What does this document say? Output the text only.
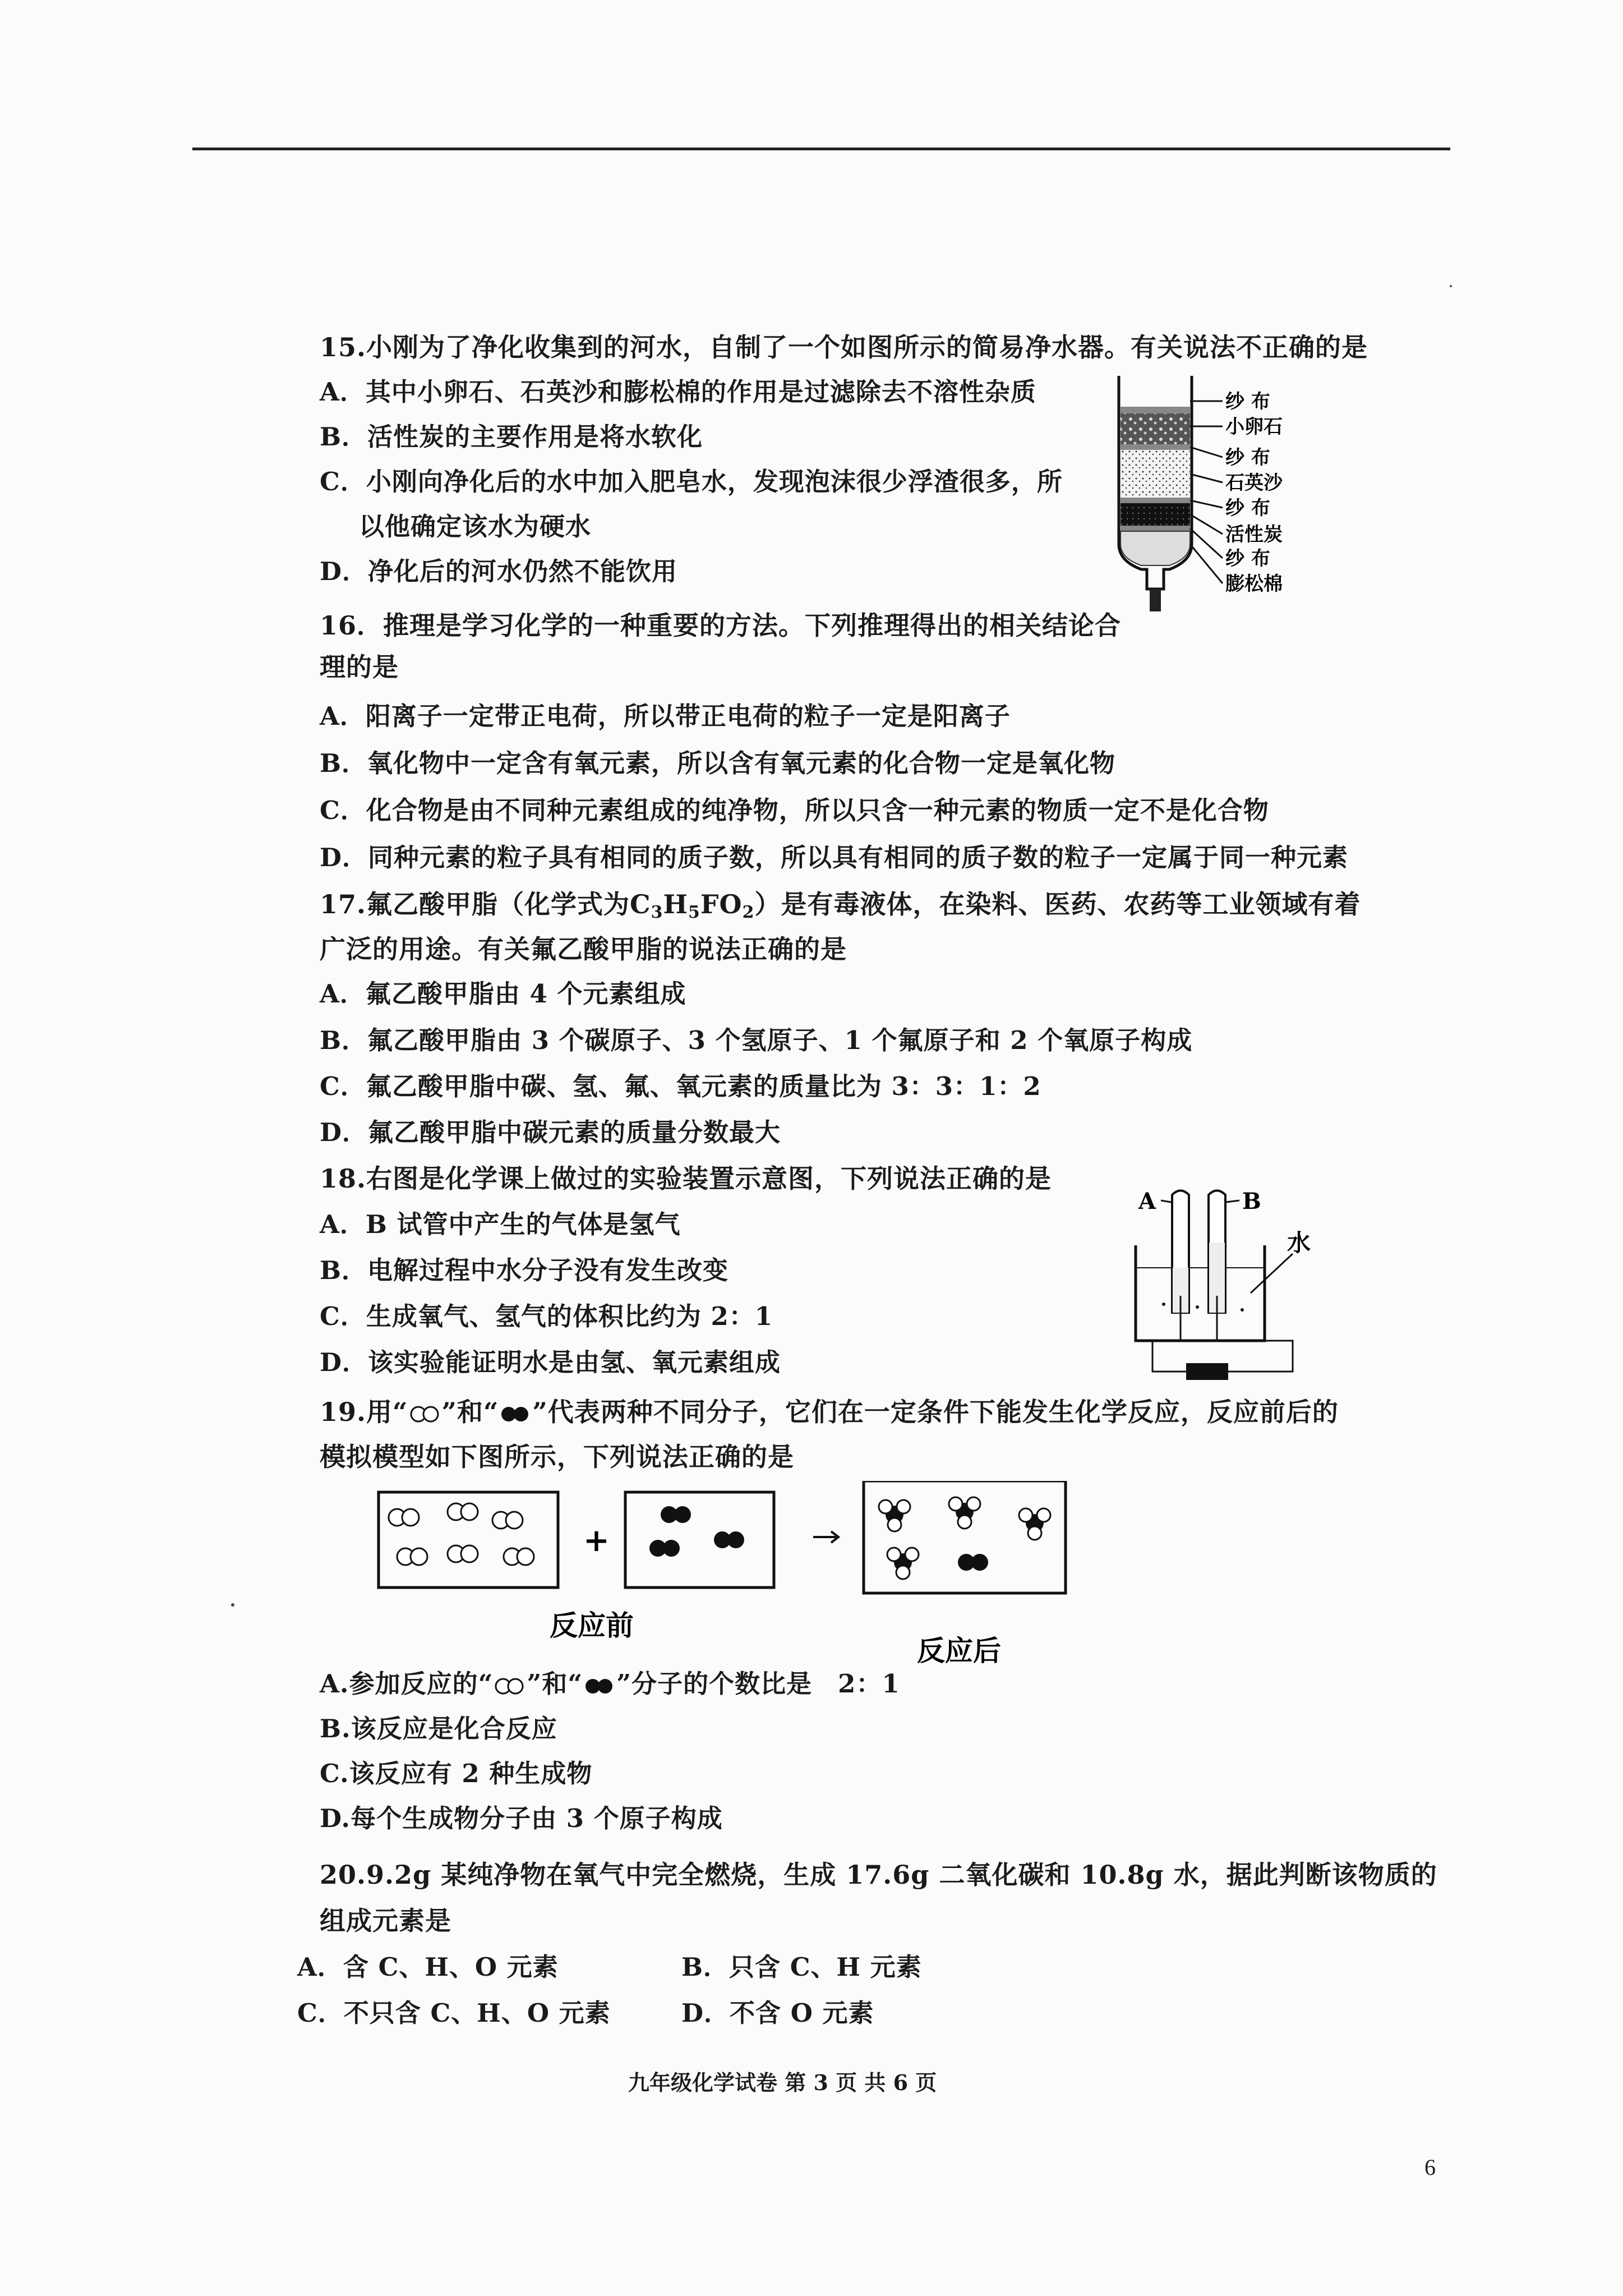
15.小刚为了净化收集到的河水，自制了一个如图所示的简易净水器。有关说法不正确的是
A．其中小卵石、石英沙和膨松棉的作用是过滤除去不溶性杂质
B．活性炭的主要作用是将水软化
C．小刚向净化后的水中加入肥皂水，发现泡沫很少浮渣很多，所
以他确定该水为硬水
D．净化后的河水仍然不能饮用
纱 布
小卵石
纱 布
石英沙
纱 布
活性炭
纱 布
膨松棉
16．推理是学习化学的一种重要的方法。下列推理得出的相关结论合
理的是
A．阳离子一定带正电荷，所以带正电荷的粒子一定是阳离子
B．氧化物中一定含有氧元素，所以含有氧元素的化合物一定是氧化物
C．化合物是由不同种元素组成的纯净物，所以只含一种元素的物质一定不是化合物
D．同种元素的粒子具有相同的质子数，所以具有相同的质子数的粒子一定属于同一种元素
17.氟乙酸甲脂（化学式为$C_3H_5FO_2$）是有毒液体，在染料、医药、农药等工业领域有着
广泛的用途。有关氟乙酸甲脂的说法正确的是
A．氟乙酸甲脂由 4 个元素组成
B．氟乙酸甲脂由 3 个碳原子、3 个氢原子、1 个氟原子和 2 个氧原子构成
C．氟乙酸甲脂中碳、氢、氟、氧元素的质量比为 3：3：1：2
D．氟乙酸甲脂中碳元素的质量分数最大
18.右图是化学课上做过的实验装置示意图，下列说法正确的是
A．B 试管中产生的气体是氢气
B．电解过程中水分子没有发生改变
C．生成氧气、氢气的体积比约为 2：1
D．该实验能证明水是由氢、氧元素组成
A	B
水
19.用“ ”和“ ”代表两种不同分子，它们在一定条件下能发生化学反应，反应前后的
模拟模型如下图所示，下列说法正确的是
+
反应前
反应后
A.参加反应的“ ”和“ ”分子的个数比是　2：1
B.该反应是化合反应
C.该反应有 2 种生成物
D.每个生成物分子由 3 个原子构成
20.9.2g 某纯净物在氧气中完全燃烧，生成 17.6g 二氧化碳和 10.8g 水，据此判断该物质的
组成元素是
A．含 C、H、O 元素	B．只含 C、H 元素
C．不只含 C、H、O 元素	D．不含 O 元素
九年级化学试卷 第 3 页 共 6 页
6
